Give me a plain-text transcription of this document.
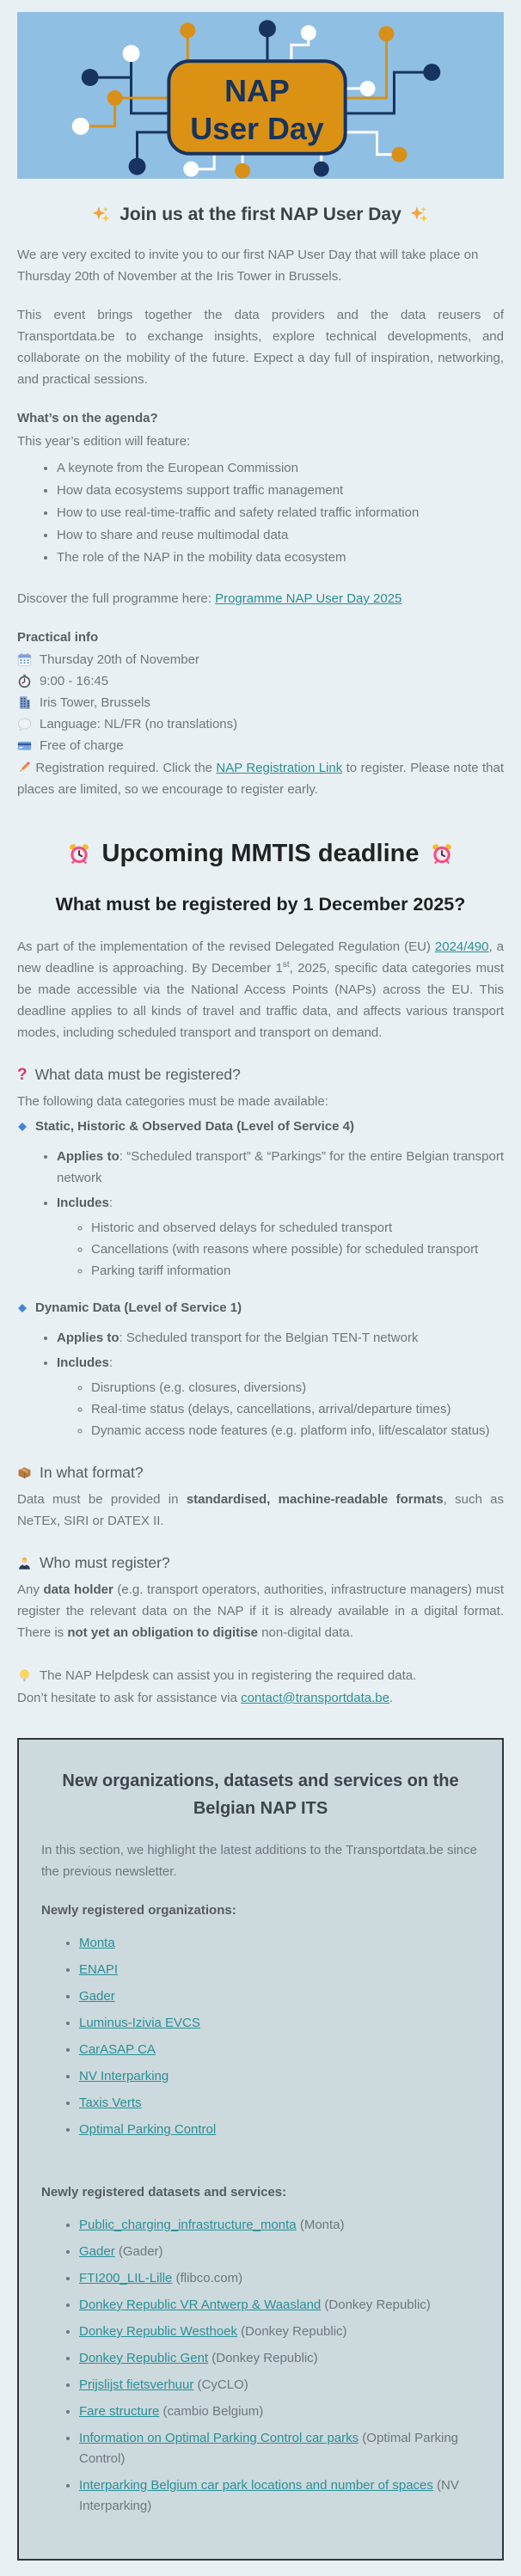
NAP
User Day
Join us at the first NAP User Day

We are very excited to invite you to our first NAP User Day that will take place on Thursday 20th of November at the Iris Tower in Brussels.

This event brings together the data providers and the data reusers of Transportdata.be to exchange insights, explore technical developments, and collaborate on the mobility of the future. Expect a day full of inspiration, networking, and practical sessions.

What’s on the agenda?

This year’s edition will feature:

• A keynote from the European Commission
• How data ecosystems support traffic management
• How to use real-time-traffic and safety related traffic information
• How to share and reuse multimodal data
• The role of the NAP in the mobility data ecosystem

Discover the full programme here: Programme NAP User Day 2025

Practical info

Thursday 20th of November
9:00 - 16:45
Iris Tower, Brussels
Language: NL/FR (no translations)
Free of charge

Registration required. Click the NAP Registration Link to register. Please note that places are limited, so we encourage to register early.

Upcoming MMTIS deadline
What must be registered by 1 December 2025?

As part of the implementation of the revised Delegated Regulation (EU) 2024/490, a new deadline is approaching. By December 1st, 2025, specific data categories must be made accessible via the National Access Points (NAPs) across the EU. This deadline applies to all kinds of travel and traffic data, and affects various transport modes, including scheduled transport and transport on demand.

? What data must be registered?

The following data categories must be made available:

Static, Historic & Observed Data (Level of Service 4)
• Applies to: “Scheduled transport” & “Parkings” for the entire Belgian transport network
• Includes:
◦ Historic and observed delays for scheduled transport
◦ Cancellations (with reasons where possible) for scheduled transport
◦ Parking tariff information
Dynamic Data (Level of Service 1)
• Applies to: Scheduled transport for the Belgian TEN-T network
• Includes:
◦ Disruptions (e.g. closures, diversions)
◦ Real-time status (delays, cancellations, arrival/departure times)
◦ Dynamic access node features (e.g. platform info, lift/escalator status)
In what format?

Data must be provided in standardised, machine-readable formats, such as NeTEx, SIRI or DATEX II.

Who must register?

Any data holder (e.g. transport operators, authorities, infrastructure managers) must register the relevant data on the NAP if it is already available in a digital format. There is not yet an obligation to digitise non-digital data.

The NAP Helpdesk can assist you in registering the required data.

Don’t hesitate to ask for assistance via contact@transportdata.be.

New organizations, datasets and services on the Belgian NAP ITS

In this section, we highlight the latest additions to the Transportdata.be since the previous newsletter.

Newly registered organizations:

• Monta
• ENAPI
• Gader
• Luminus-Izivia EVCS
• CarASAP CA
• NV Interparking
• Taxis Verts
• Optimal Parking Control

Newly registered datasets and services:

• Public_charging_infrastructure_monta (Monta)
• Gader (Gader)
• FTI200_LIL-Lille (flibco.com)
• Donkey Republic VR Antwerp & Waasland (Donkey Republic)
• Donkey Republic Westhoek (Donkey Republic)
• Donkey Republic Gent (Donkey Republic)
• Prijslijst fietsverhuur (CyCLO)
• Fare structure (cambio Belgium)
• Information on Optimal Parking Control car parks (Optimal Parking Control)
• Interparking Belgium car park locations and number of spaces (NV Interparking)
